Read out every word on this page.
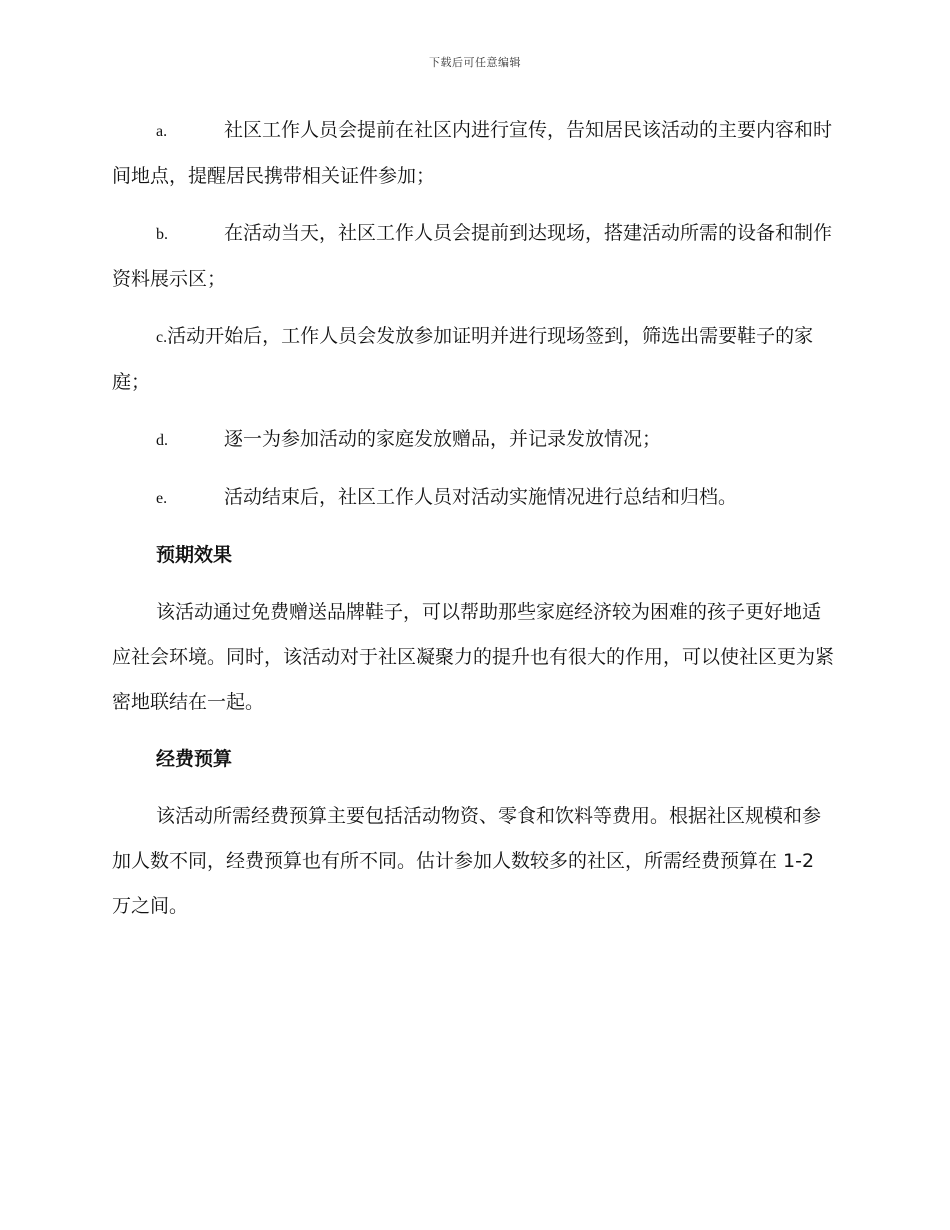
下载后可任意编辑
a.	社区工作人员会提前在社区内进行宣传，告知居民该活动的主要内容和时间地点，提醒居民携带相关证件参加；
b.	在活动当天，社区工作人员会提前到达现场，搭建活动所需的设备和制作资料展示区；
c.活动开始后，工作人员会发放参加证明并进行现场签到，筛选出需要鞋子的家庭；
d.	逐一为参加活动的家庭发放赠品，并记录发放情况；
e.	活动结束后，社区工作人员对活动实施情况进行总结和归档。
预期效果
该活动通过免费赠送品牌鞋子，可以帮助那些家庭经济较为困难的孩子更好地适应社会环境。同时，该活动对于社区凝聚力的提升也有很大的作用，可以使社区更为紧密地联结在一起。
经费预算
该活动所需经费预算主要包括活动物资、零食和饮料等费用。根据社区规模和参加人数不同，经费预算也有所不同。估计参加人数较多的社区，所需经费预算在 1-2 万之间。
